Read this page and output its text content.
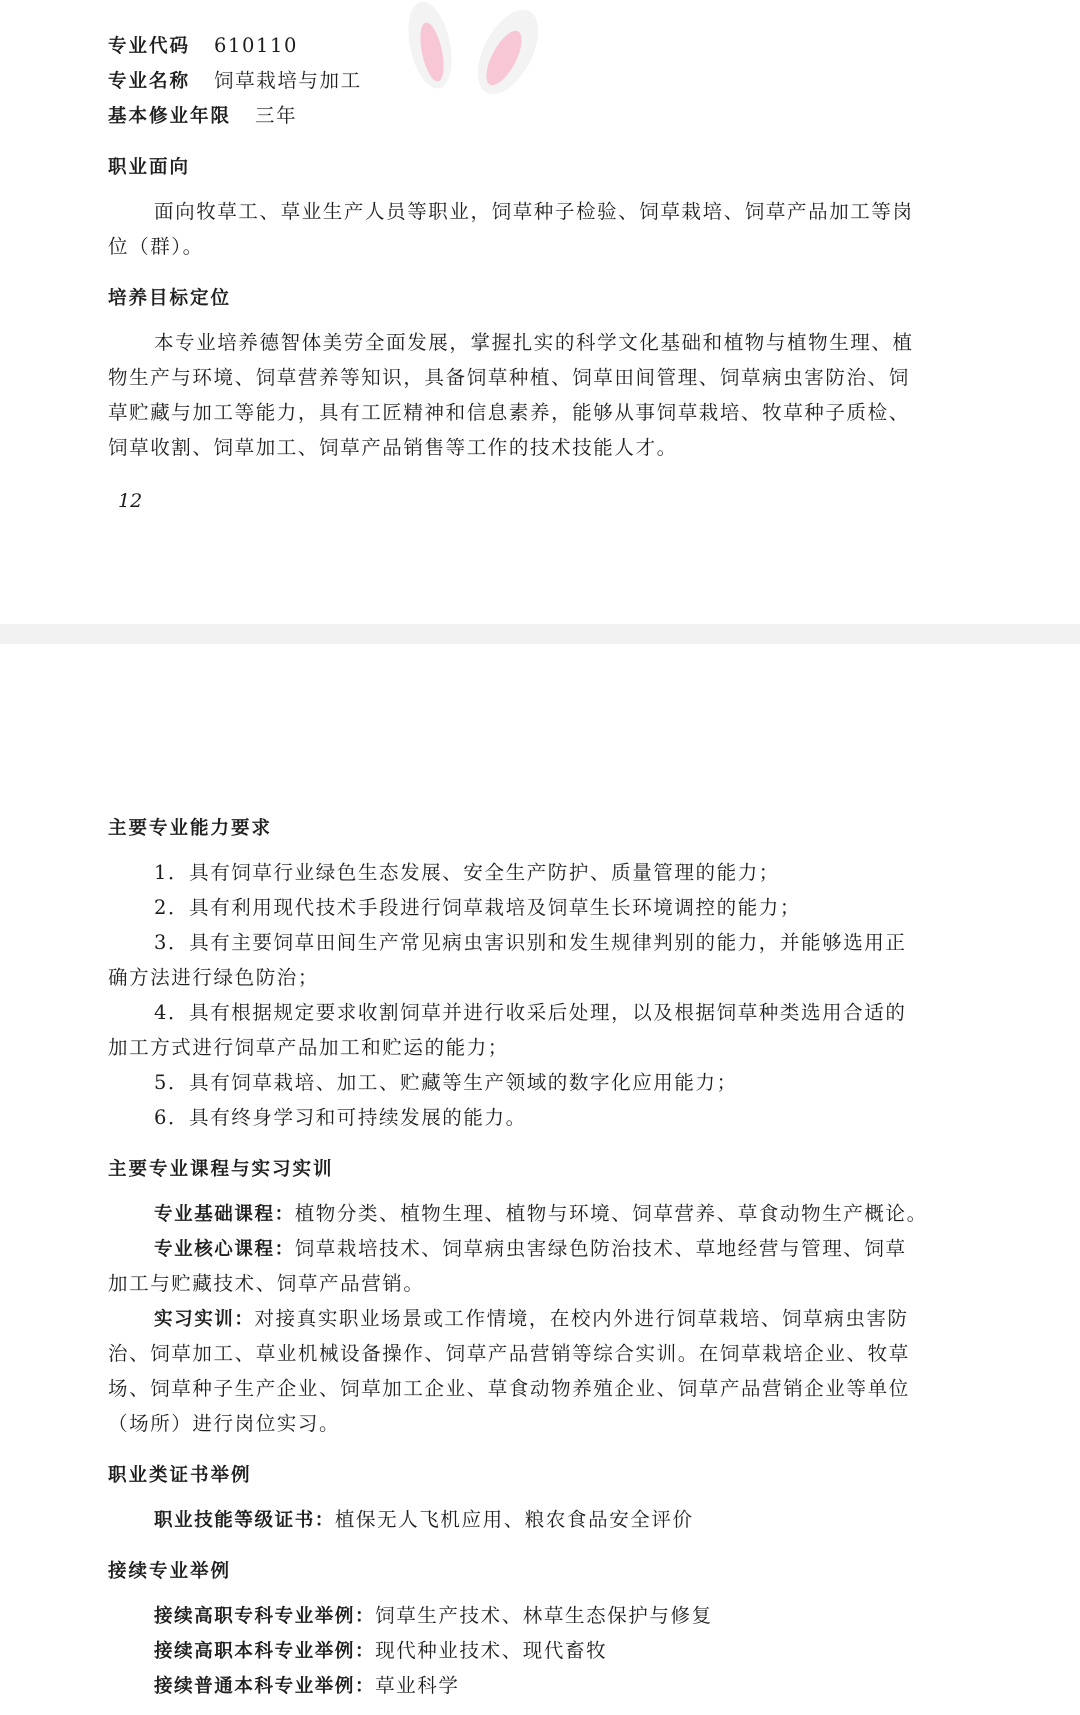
专业代码 610110
专业名称 饲草栽培与加工
基本修业年限 三年
职业面向
面向牧草工、草业生产人员等职业，饲草种子检验、饲草栽培、饲草产品加工等岗
位（群）。
培养目标定位
本专业培养德智体美劳全面发展，掌握扎实的科学文化基础和植物与植物生理、植
物生产与环境、饲草营养等知识，具备饲草种植、饲草田间管理、饲草病虫害防治、饲
草贮藏与加工等能力，具有工匠精神和信息素养，能够从事饲草栽培、牧草种子质检、
饲草收割、饲草加工、饲草产品销售等工作的技术技能人才。
12
主要专业能力要求
1．具有饲草行业绿色生态发展、安全生产防护、质量管理的能力；
2．具有利用现代技术手段进行饲草栽培及饲草生长环境调控的能力；
3．具有主要饲草田间生产常见病虫害识别和发生规律判别的能力，并能够选用正
确方法进行绿色防治；
4．具有根据规定要求收割饲草并进行收采后处理，以及根据饲草种类选用合适的
加工方式进行饲草产品加工和贮运的能力；
5．具有饲草栽培、加工、贮藏等生产领域的数字化应用能力；
6．具有终身学习和可持续发展的能力。
主要专业课程与实习实训
专业基础课程：植物分类、植物生理、植物与环境、饲草营养、草食动物生产概论。
专业核心课程：饲草栽培技术、饲草病虫害绿色防治技术、草地经营与管理、饲草
加工与贮藏技术、饲草产品营销。
实习实训：对接真实职业场景或工作情境，在校内外进行饲草栽培、饲草病虫害防
治、饲草加工、草业机械设备操作、饲草产品营销等综合实训。在饲草栽培企业、牧草
场、饲草种子生产企业、饲草加工企业、草食动物养殖企业、饲草产品营销企业等单位
（场所）进行岗位实习。
职业类证书举例
职业技能等级证书：植保无人飞机应用、粮农食品安全评价
接续专业举例
接续高职专科专业举例：饲草生产技术、林草生态保护与修复
接续高职本科专业举例：现代种业技术、现代畜牧
接续普通本科专业举例：草业科学
